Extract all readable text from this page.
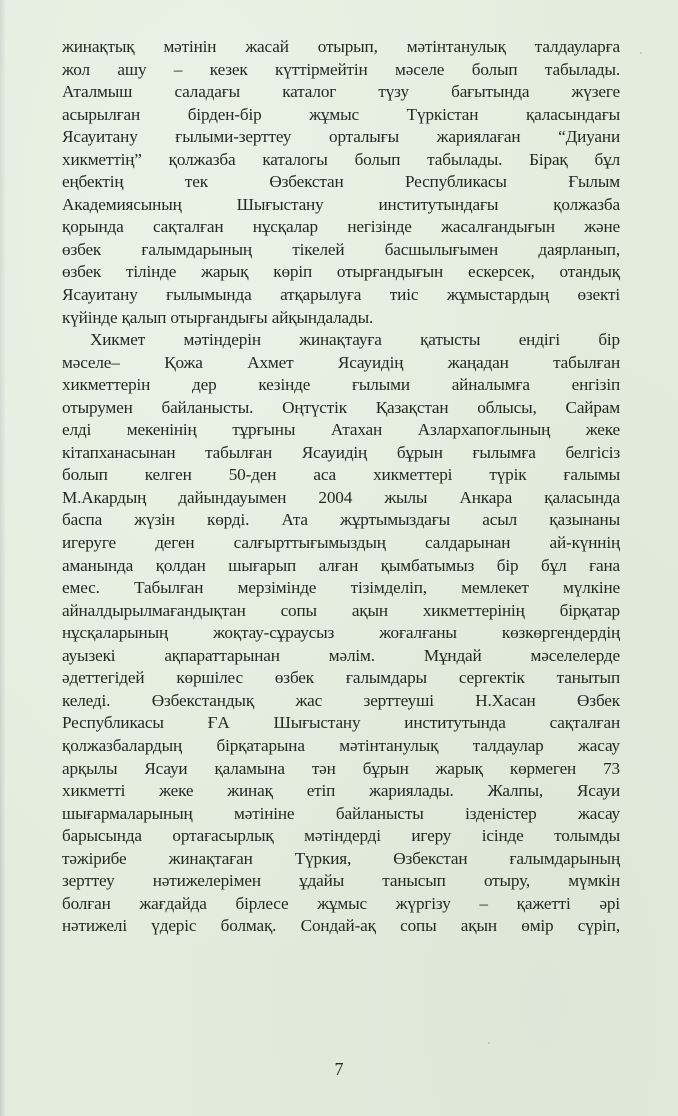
жинақтық мәтінін жасай отырып, мәтінтанулық талдауларға
жол ашу – кезек күттірмейтін мәселе болып табылады.
Аталмыш саладағы каталог түзу бағытында жүзеге
асырылған бірден-бір жұмыс Түркістан қаласындағы
Ясауитану ғылыми-зерттеу орталығы жариялаған “Диуани
хикметтің” қолжазба каталогы болып табылады. Бірақ бұл
еңбектің тек Өзбекстан Республикасы Ғылым
Академиясының Шығыстану институтындағы қолжазба
қорында сақталған нұсқалар негізінде жасалғандығын және
өзбек ғалымдарының тікелей басшылығымен даярланып,
өзбек тілінде жарық көріп отырғандығын ескерсек, отандық
Ясауитану ғылымында атқарылуға тиіс жұмыстардың өзекті
күйінде қалып отырғандығы айқындалады.
Хикмет мәтіндерін жинақтауға қатысты ендігі бір
мәселе– Қожа Ахмет Ясауидің жаңадан табылған
хикметтерін дер кезінде ғылыми айналымға енгізіп
отырумен байланысты. Оңтүстік Қазақстан облысы, Сайрам
елді мекенінің тұрғыны Атахан Азлархапоғлының жеке
кітапханасынан табылған Ясауидің бұрын ғылымға белгісіз
болып келген 50-ден аса хикметтері түрік ғалымы
М.Акардың дайындауымен 2004 жылы Анкара қаласында
баспа жүзін көрді. Ата жұртымыздағы асыл қазынаны
игеруге деген салғырттығымыздың салдарынан ай-күннің
аманында қолдан шығарып алған қымбатымыз бір бұл ғана
емес. Табылған мерзімінде тізімделіп, мемлекет мүлкіне
айналдырылмағандықтан сопы ақын хикметтерінің бірқатар
нұсқаларының жоқтау-сұраусыз жоғалғаны көзкөргендердің
ауызекі ақпараттарынан мәлім. Мұндай мәселелерде
әдеттегідей көршілес өзбек ғалымдары сергектік танытып
келеді. Өзбекстандық жас зерттеуші Н.Хасан Өзбек
Республикасы ҒА Шығыстану институтында сақталған
қолжазбалардың бірқатарына мәтінтанулық талдаулар жасау
арқылы Ясауи қаламына тән бұрын жарық көрмеген 73
хикметті жеке жинақ етіп жариялады. Жалпы, Ясауи
шығармаларының мәтініне байланысты ізденістер жасау
барысында ортағасырлық мәтіндерді игеру ісінде толымды
тәжірибе жинақтаған Түркия, Өзбекстан ғалымдарының
зерттеу нәтижелерімен ұдайы танысып отыру, мүмкін
болған жағдайда бірлесе жұмыс жүргізу – қажетті әрі
нәтижелі үдеріс болмақ. Сондай-ақ сопы ақын өмір сүріп,
7
